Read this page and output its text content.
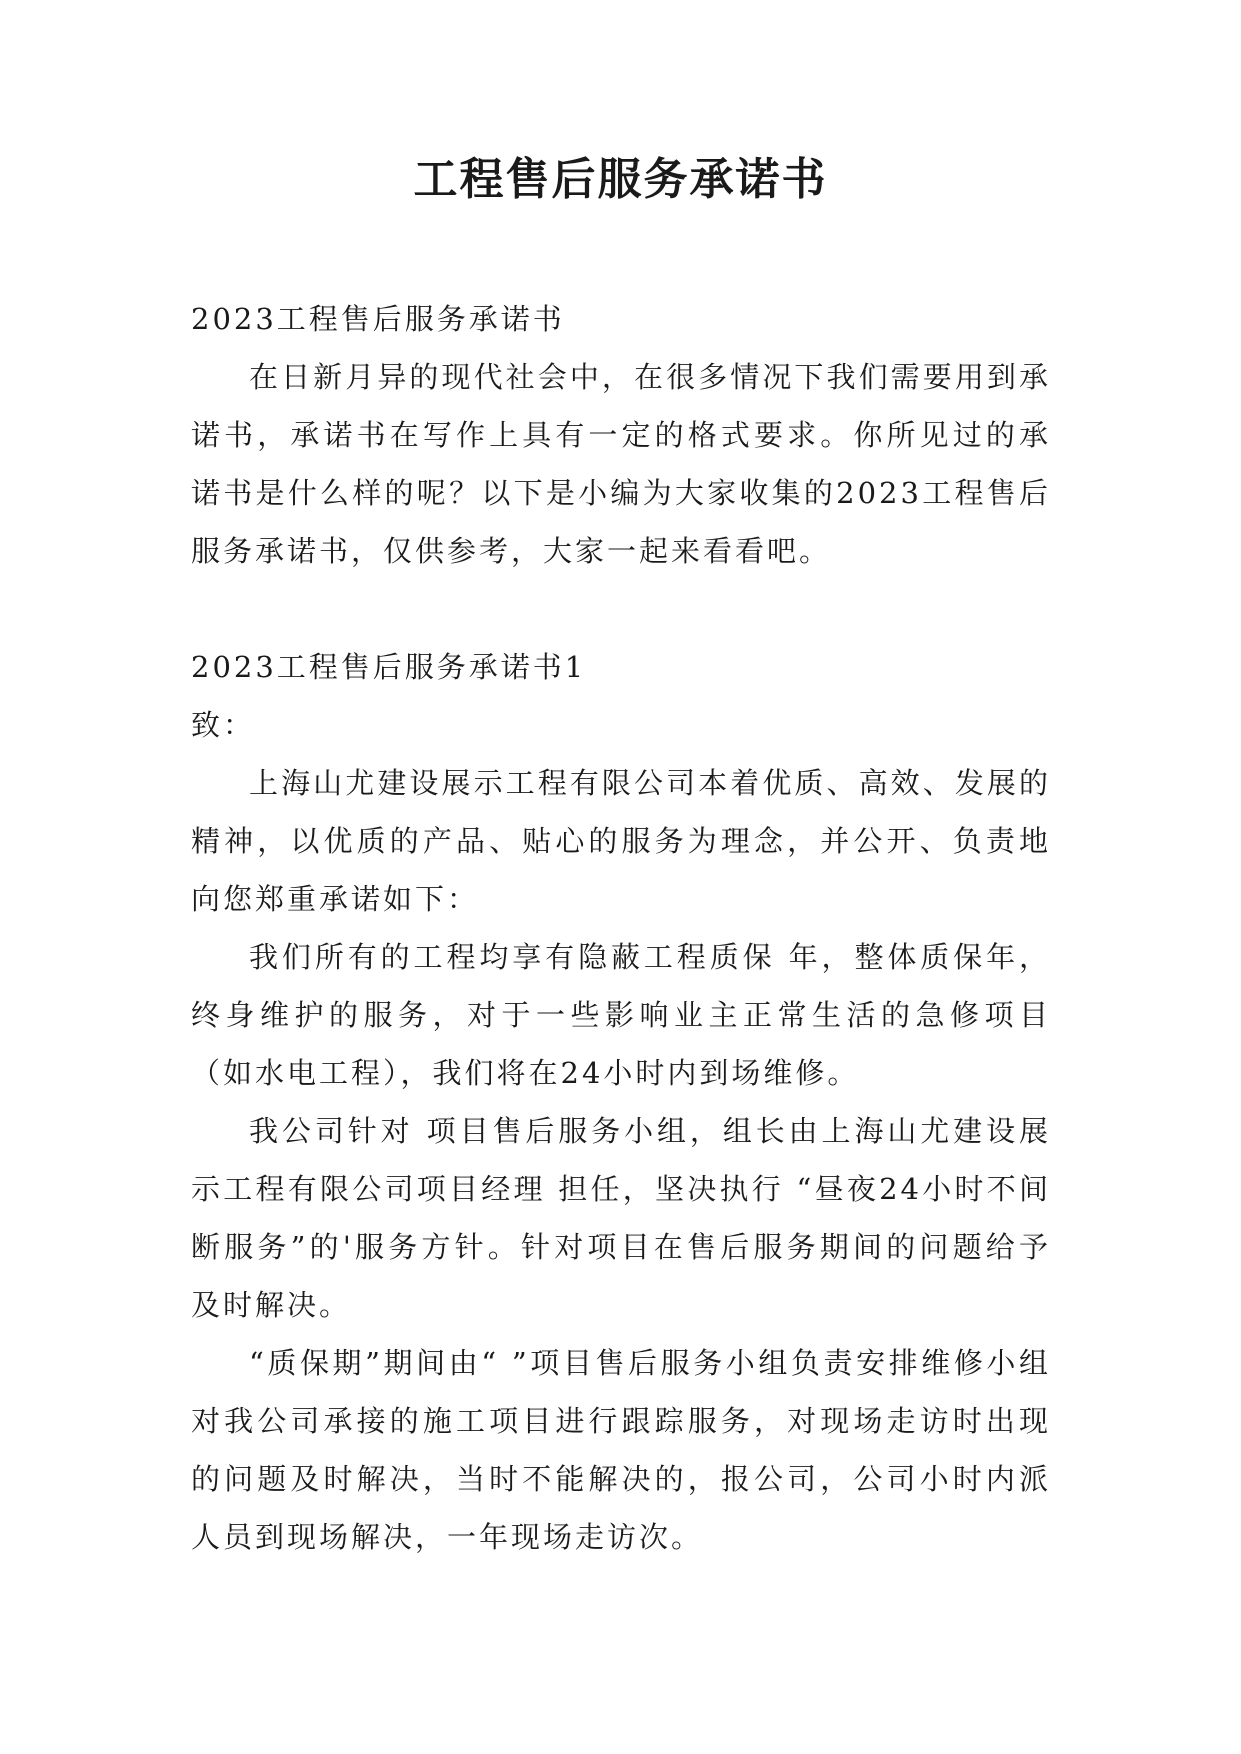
工程售后服务承诺书

2023工程售后服务承诺书

在日新月异的现代社会中，在很多情况下我们需要用到承诺书，承诺书在写作上具有一定的格式要求。你所见过的承诺书是什么样的呢？以下是小编为大家收集的2023工程售后服务承诺书，仅供参考，大家一起来看看吧。

2023工程售后服务承诺书1

致：

上海山尤建设展示工程有限公司本着优质、高效、发展的精神，以优质的产品、贴心的服务为理念，并公开、负责地向您郑重承诺如下：

我们所有的工程均享有隐蔽工程质保 年，整体质保年，终身维护的服务，对于一些影响业主正常生活的急修项目（如水电工程），我们将在24小时内到场维修。

我公司针对 项目售后服务小组，组长由上海山尤建设展示工程有限公司项目经理 担任，坚决执行 “昼夜24小时不间断服务”的'服务方针。针对项目在售后服务期间的问题给予及时解决。

“质保期”期间由“ ”项目售后服务小组负责安排维修小组对我公司承接的施工项目进行跟踪服务，对现场走访时出现的问题及时解决，当时不能解决的，报公司，公司小时内派人员到现场解决，一年现场走访次。
